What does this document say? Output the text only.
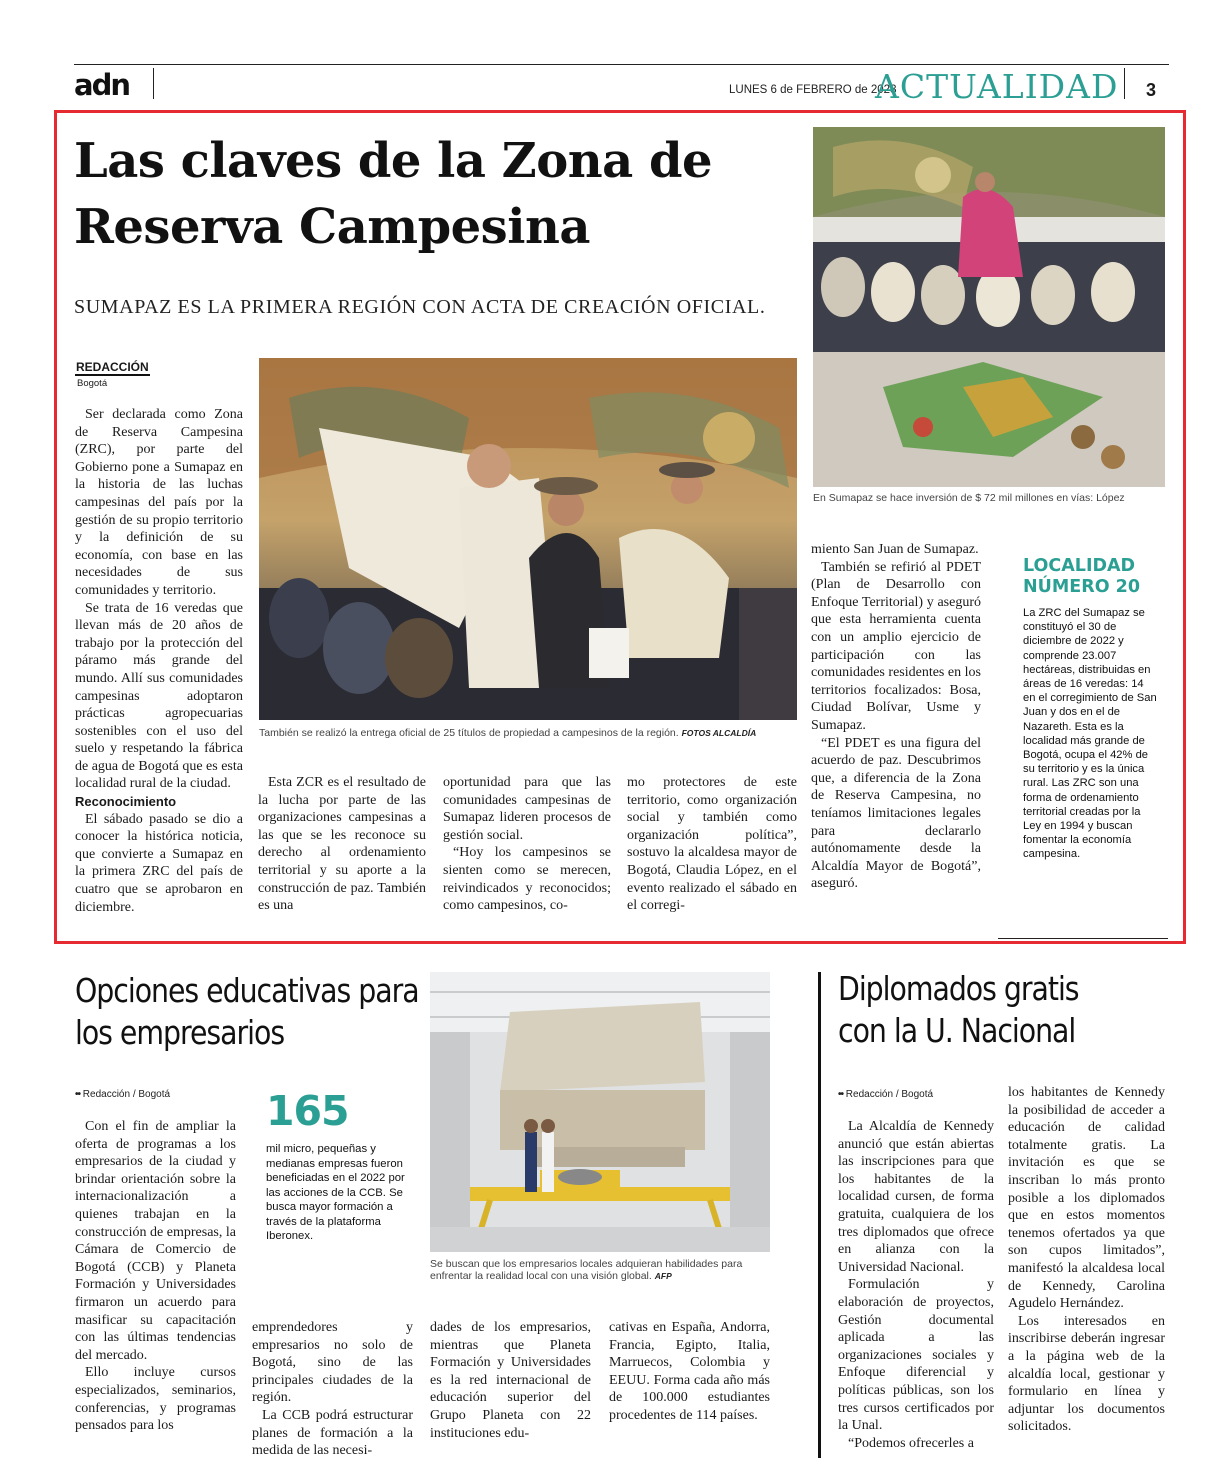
adn	LUNES 6 de FEBRERO de 2023
ACTUALIDAD 3
Las claves de la Zona de Reserva Campesina
SUMAPAZ ES LA PRIMERA REGIÓN CON ACTA DE CREACIÓN OFICIAL.
REDACCIÓN
Bogotá

Ser declarada como Zona de Reserva Campesina (ZRC), por parte del Gobierno pone a Sumapaz en la historia de las luchas campesinas del país por la gestión de su propio territorio y la definición de su economía, con base en las necesidades de sus comunidades y territorio.

Se trata de 16 veredas que llevan más de 20 años de trabajo por la protección del páramo más grande del mundo. Allí sus comunidades campesinas adoptaron prácticas agropecuarias sostenibles con el uso del suelo y respetando la fábrica de agua de Bogotá que es esta localidad rural de la ciudad.

Reconocimiento

El sábado pasado se dio a conocer la histórica noticia, que convierte a Sumapaz en la primera ZRC del país de cuatro que se aprobaron en diciembre.

También se realizó la entrega oficial de 25 títulos de propiedad a campesinos de la región. FOTOS ALCALDÍA
En Sumapaz se hace inversión de $ 72 mil millones en vías: López

Esta ZCR es el resultado de la lucha por parte de las organizaciones campesinas a las que se les reconoce su derecho al ordenamiento territorial y su aporte a la construcción de paz. También es una

oportunidad para que las comunidades campesinas de Sumapaz lideren procesos de gestión social.

“Hoy los campesinos se sienten como se merecen, reivindicados y reconocidos; como campesinos, co-

mo protectores de este territorio, como organización social y también como organización política”, sostuvo la alcaldesa mayor de Bogotá, Claudia López, en el evento realizado el sábado en el corregi-

miento San Juan de Sumapaz.

También se refirió al PDET (Plan de Desarrollo con Enfoque Territorial) y aseguró que esta herramienta cuenta con un amplio ejercicio de participación con las comunidades residentes en los territorios focalizados: Bosa, Ciudad Bolívar, Usme y Sumapaz.

“El PDET es una figura del acuerdo de paz. Descubrimos que, a diferencia de la Zona de Reserva Campesina, no teníamos limitaciones legales para declararlo autónomamente desde la Alcaldía Mayor de Bogotá”, aseguró.

LOCALIDAD NÚMERO 20
La ZRC del Sumapaz se constituyó el 30 de diciembre de 2022 y comprende 23.007 hectáreas, distribuidas en áreas de 16 veredas: 14 en el corregimiento de San Juan y dos en el de Nazareth. Esta es la localidad más grande de Bogotá, ocupa el 42% de su territorio y es la única rural. Las ZRC son una forma de ordenamiento territorial creadas por la Ley en 1994 y buscan fomentar la economía campesina.
Opciones educativas para los empresarios
•• Redacción / Bogotá

Con el fin de ampliar la oferta de programas a los empresarios de la ciudad y brindar orientación sobre la internacionalización a quienes trabajan en la construcción de empresas, la Cámara de Comercio de Bogotá (CCB) y Planeta Formación y Universidades firmaron un acuerdo para masificar su capacitación con las últimas tendencias del mercado.

Ello incluye cursos especializados, seminarios, conferencias, y programas pensados para los

165
mil micro, pequeñas y medianas empresas fueron beneficiadas en el 2022 por las acciones de la CCB. Se busca mayor formación a través de la plataforma Iberonex.
Se buscan que los empresarios locales adquieran habilidades para enfrentar la realidad local con una visión global. AFP

emprendedores y empresarios no solo de Bogotá, sino de las principales ciudades de la región.

La CCB podrá estructurar planes de formación a la medida de las necesi-

dades de los empresarios, mientras que Planeta Formación y Universidades es la red internacional de educación superior del Grupo Planeta con 22 instituciones edu-

cativas en España, Andorra, Francia, Egipto, Italia, Marruecos, Colombia y EEUU. Forma cada año más de 100.000 estudiantes procedentes de 114 países.

Diplomados gratis con la U. Nacional
•• Redacción / Bogotá

La Alcaldía de Kennedy anunció que están abiertas las inscripciones para que los habitantes de la localidad cursen, de forma gratuita, cualquiera de los tres diplomados que ofrece en alianza con la Universidad Nacional.

Formulación y elaboración de proyectos, Gestión documental aplicada a las organizaciones sociales y Enfoque diferencial y políticas públicas, son los tres cursos certificados por la Unal.

“Podemos ofrecerles a

los habitantes de Kennedy la posibilidad de acceder a educación de calidad totalmente gratis. La invitación es que se inscriban lo más pronto posible a los diplomados que en estos momentos tenemos ofertados ya que son cupos limitados”, manifestó la alcaldesa local de Kennedy, Carolina Agudelo Hernández.

Los interesados en inscribirse deberán ingresar a la página web de la alcaldía local, gestionar y formulario en línea y adjuntar los documentos solicitados.
